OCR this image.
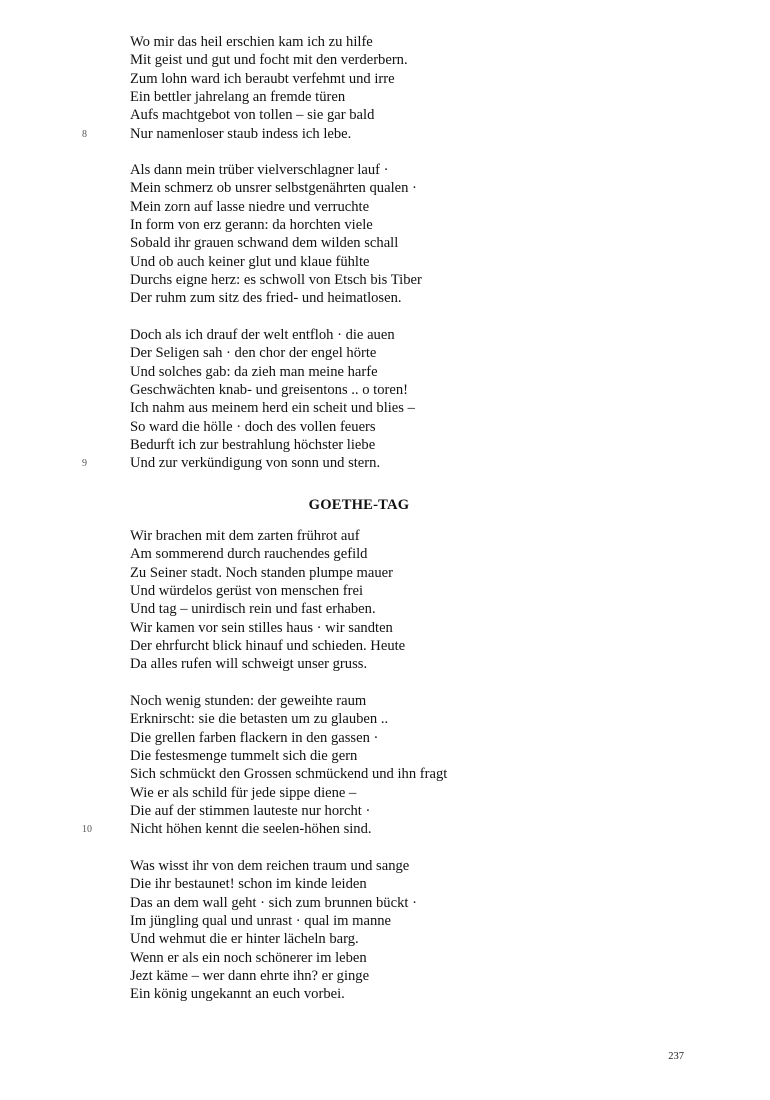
Wo mir das heil erschien kam ich zu hilfe
Mit geist und gut und focht mit den verderbern.
Zum lohn ward ich beraubt verfehmt und irre
Ein bettler jahrelang an fremde türen
Aufs machtgebot von tollen – sie gar bald
Nur namenloser staub indess ich lebe.
8
Als dann mein trüber vielverschlagner lauf ·
Mein schmerz ob unsrer selbstgenährten qualen ·
Mein zorn auf lasse niedre und verruchte
In form von erz gerann: da horchten viele
Sobald ihr grauen schwand dem wilden schall
Und ob auch keiner glut und klaue fühlte
Durchs eigne herz: es schwoll von Etsch bis Tiber
Der ruhm zum sitz des fried- und heimatlosen.
Doch als ich drauf der welt entfloh · die auen
Der Seligen sah · den chor der engel hörte
Und solches gab: da zieh man meine harfe
Geschwächten knab- und greisentons .. o toren!
Ich nahm aus meinem herd ein scheit und blies –
So ward die hölle · doch des vollen feuers
Bedurft ich zur bestrahlung höchster liebe
Und zur verkündigung von sonn und stern.
9
GOETHE-TAG
Wir brachen mit dem zarten frührot auf
Am sommerend durch rauchendes gefild
Zu Seiner stadt. Noch standen plumpe mauer
Und würdelos gerüst von menschen frei
Und tag – unirdisch rein und fast erhaben.
Wir kamen vor sein stilles haus · wir sandten
Der ehrfurcht blick hinauf und schieden. Heute
Da alles rufen will schweigt unser gruss.
Noch wenig stunden: der geweihte raum
Erknirscht: sie die betasten um zu glauben ..
Die grellen farben flackern in den gassen ·
Die festesmenge tummelt sich die gern
Sich schmückt den Grossen schmückend und ihn fragt
Wie er als schild für jede sippe diene –
Die auf der stimmen lauteste nur horcht ·
Nicht höhen kennt die seelen-höhen sind.
10
Was wisst ihr von dem reichen traum und sange
Die ihr bestaunet! schon im kinde leiden
Das an dem wall geht · sich zum brunnen bückt ·
Im jüngling qual und unrast · qual im manne
Und wehmut die er hinter lächeln barg.
Wenn er als ein noch schönerer im leben
Jezt käme – wer dann ehrte ihn? er ginge
Ein könig ungekannt an euch vorbei.
237
